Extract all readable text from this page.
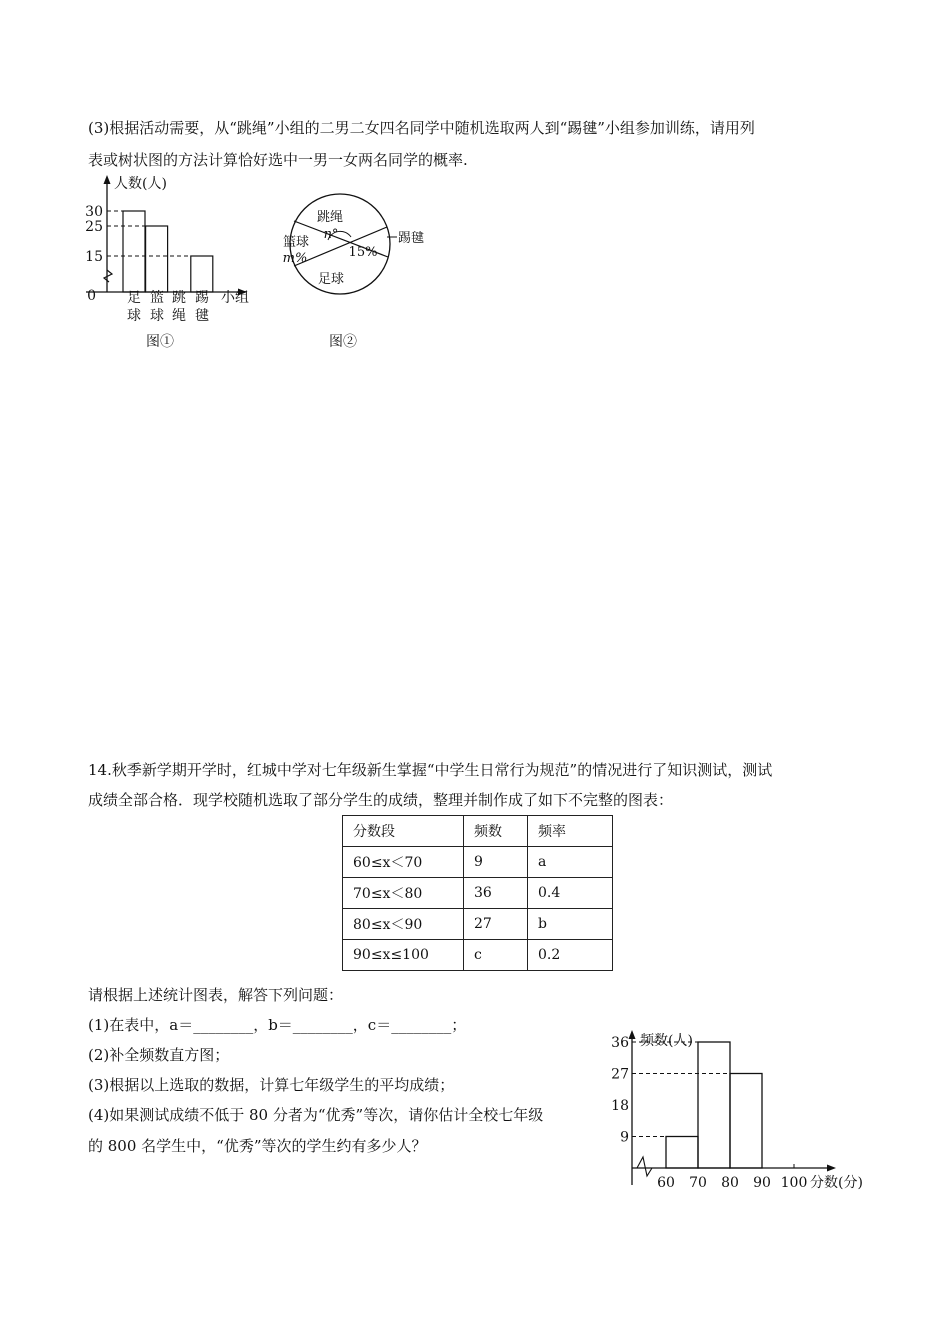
(3)根据活动需要，从“跳绳”小组的二男二女四名同学中随机选取两人到“踢毽”小组参加训练，请用列

表或树状图的方法计算恰好选中一男一女两名同学的概率.

人数(人)
小组
0
30
25
15
足
球
篮
球
跳
绳
踢
毽
图①
跳绳
n°
篮球
m%	15%
足球
踢毽
图②

14.秋季新学期开学时，红城中学对七年级新生掌握“中学生日常行为规范”的情况进行了知识测试，测试

成绩全部合格．现学校随机选取了部分学生的成绩，整理并制作成了如下不完整的图表：

分数段	频数	频率
60≤x＜70	9	a
70≤x＜80	36	0.4
80≤x＜90	27	b
90≤x≤100	c	0.2
请根据上述统计图表，解答下列问题：
(1)在表中，a＝________，b＝________，c＝________；
(2)补全频数直方图；
(3)根据以上选取的数据，计算七年级学生的平均成绩；
(4)如果测试成绩不低于 80 分者为“优秀”等次，请你估计全校七年级
的 800 名学生中，“优秀”等次的学生约有多少人？
频数(人)
分数(分)
9
18
27
36
60 70 80 90 100
